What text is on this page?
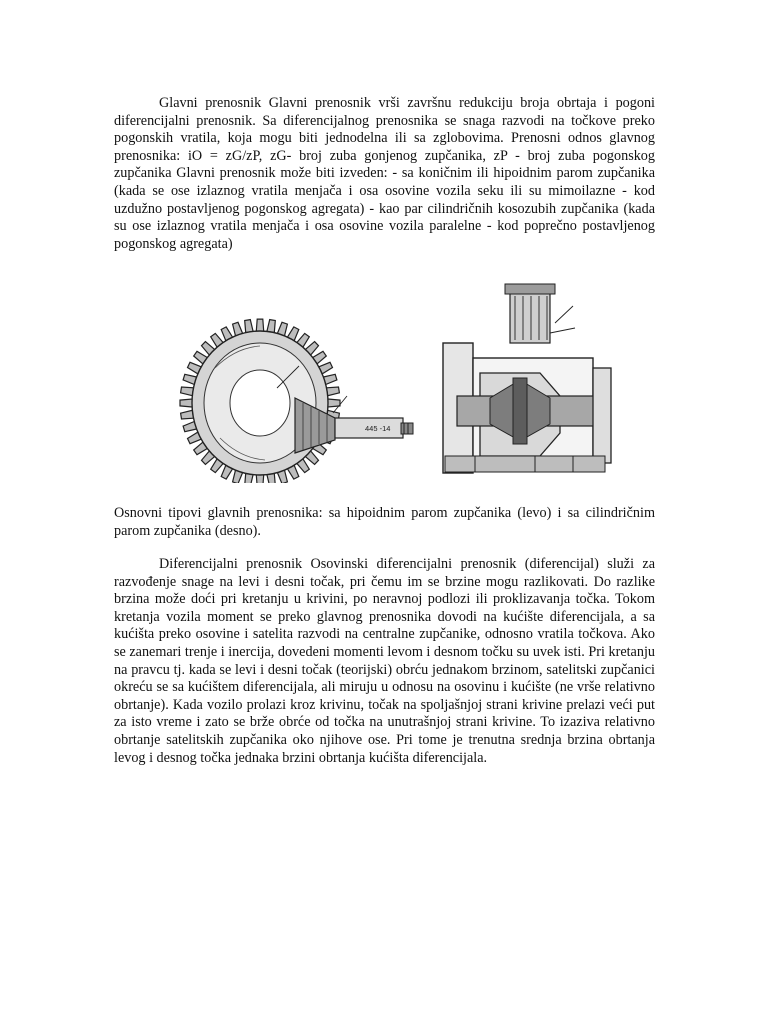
Glavni prenosnik Glavni prenosnik vrši završnu redukciju broja obrtaja i pogoni diferencijalni prenosnik. Sa diferencijalnog prenosnika se snaga razvodi na točkove preko pogonskih vratila, koja mogu biti jednodelna ili sa zglobovima. Prenosni odnos glavnog prenosnika: iO = zG/zP, zG- broj zuba gonjenog zupčanika, zP - broj zuba pogonskog zupčanika Glavni prenosnik može biti izveden: - sa koničnim ili hipoidnim parom zupčanika (kada se ose izlaznog vratila menjača i osa osovine vozila seku ili su mimoilazne - kod uzdužno postavljenog pogonskog agregata) - kao par cilindričnih kosozubih zupčanika (kada su ose izlaznog vratila menjača i osa osovine vozila paralelne - kod poprečno postavljenog pogonskog agregata)

445 -14

Osnovni tipovi glavnih prenosnika: sa hipoidnim parom zupčanika (levo) i sa cilindričnim parom zupčanika (desno).

Diferencijalni prenosnik Osovinski diferencijalni prenosnik (diferencijal) služi za razvođenje snage na levi i desni točak, pri čemu im se brzine mogu razlikovati. Do razlike brzina može doći pri kretanju u krivini, po neravnoj podlozi ili proklizavanja točka. Tokom kretanja vozila moment se preko glavnog prenosnika dovodi na kućište diferencijala, a sa kućišta preko osovine i satelita razvodi na centralne zupčanike, odnosno vratila točkova. Ako se zanemari trenje i inercija, dovedeni momenti levom i desnom točku su uvek isti. Pri kretanju na pravcu tj. kada se levi i desni točak (teorijski) obrću jednakom brzinom, satelitski zupčanici okreću se sa kućištem diferencijala, ali miruju u odnosu na osovinu i kućište (ne vrše relativno obrtanje). Kada vozilo prolazi kroz krivinu, točak na spoljašnjoj strani krivine prelazi veći put za isto vreme i zato se brže obrće od točka na unutrašnjoj strani krivine. To izaziva relativno obrtanje satelitskih zupčanika oko njihove ose. Pri tome je trenutna srednja brzina obrtanja levog i desnog točka jednaka brzini obrtanja kućišta diferencijala.
